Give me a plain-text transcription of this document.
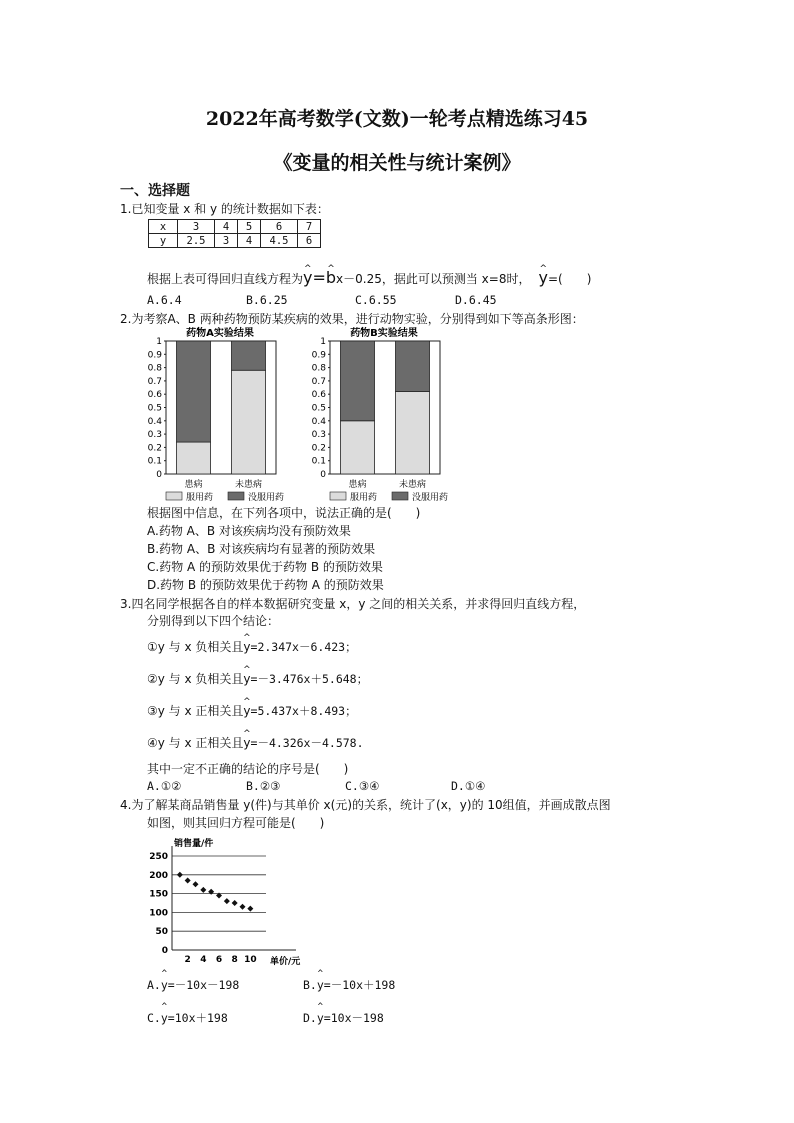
2022年高考数学(文数)一轮考点精选练习45
《变量的相关性与统计案例》
一、选择题
1.已知变量 x 和 y 的统计数据如下表：
x	3	4	5	6	7
y	2.5	3	4	4.5	6
根据上表可得回归直线方程为^ y=^ bx－0.25，据此可以预测当 x=8时， ^ y=(　　)
A.6.4	B.6.25	C.6.55	D.6.45
2.为考察A、B 两种药物预防某疾病的效果，进行动物实验，分别得到如下等高条形图：
药物A实验结果
0
0.1
0.2
0.3
0.4
0.5
0.6
0.7
0.8
0.9
1
患病	未患病
服用药	没服用药
药物B实验结果
0
0.1
0.2
0.3
0.4
0.5
0.6
0.7
0.8
0.9
1
患病	未患病
服用药	没服用药
根据图中信息，在下列各项中，说法正确的是(　　)
A.药物 A、B 对该疾病均没有预防效果
B.药物 A、B 对该疾病均有显著的预防效果
C.药物 A 的预防效果优于药物 B 的预防效果
D.药物 B 的预防效果优于药物 A 的预防效果
3.四名同学根据各自的样本数据研究变量 x，y 之间的相关关系，并求得回归直线方程，
分别得到以下四个结论：
①y 与 x 负相关且^ y=2.347x－6.423；
②y 与 x 负相关且^ y=－3.476x＋5.648；
③y 与 x 正相关且^ y=5.437x＋8.493；
④y 与 x 正相关且^ y=－4.326x－4.578.
其中一定不正确的结论的序号是(　　)
A.①②	B.②③	C.③④	D.①④
4.为了解某商品销售量 y(件)与其单价 x(元)的关系，统计了(x，y)的 10组值，并画成散点图
如图，则其回归方程可能是(　　)
销售量/件
0
50
100
150
200
250
2 4 6 8 10 单价/元
A.^ y=－10x－198	B.^ y=－10x＋198
C.^ y=10x＋198	D.^ y=10x－198
